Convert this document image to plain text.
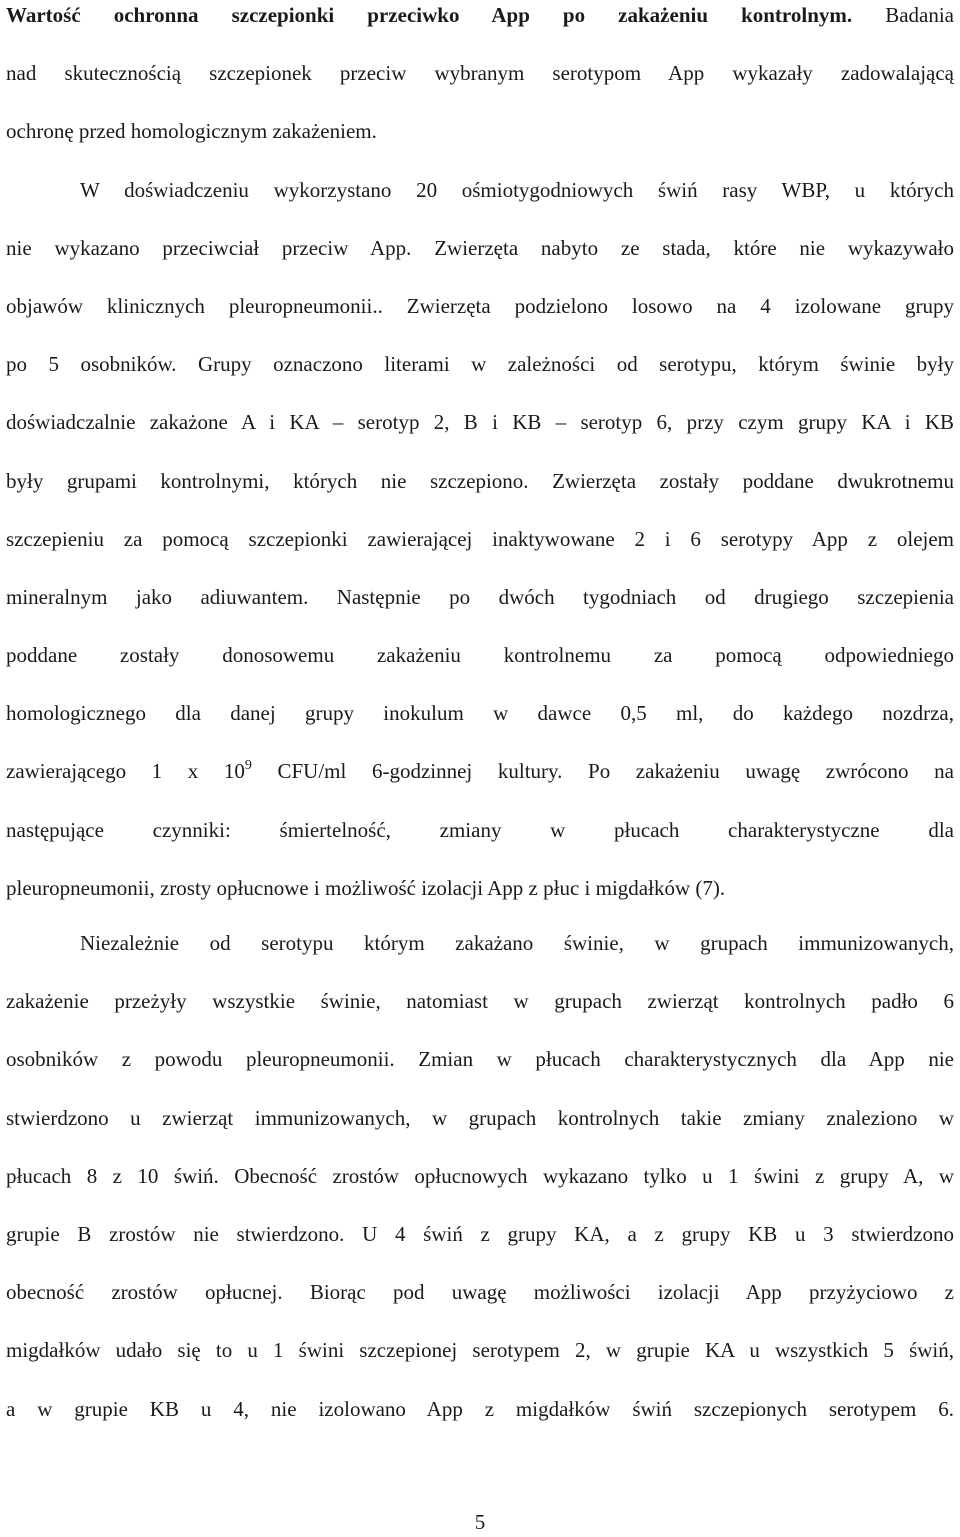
Wartość ochronna szczepionki przeciwko App po zakażeniu kontrolnym. Badania
nad skutecznością szczepionek przeciw wybranym serotypom App wykazały zadowalającą
ochronę przed homologicznym zakażeniem.
W doświadczeniu wykorzystano 20 ośmiotygodniowych świń rasy WBP, u których
nie wykazano przeciwciał przeciw App. Zwierzęta nabyto ze stada, które nie wykazywało
objawów klinicznych pleuropneumonii.. Zwierzęta podzielono losowo na 4 izolowane grupy
po 5 osobników. Grupy oznaczono literami w zależności od serotypu, którym świnie były
doświadczalnie zakażone A i KA – serotyp 2, B i KB – serotyp 6, przy czym grupy KA i KB
były grupami kontrolnymi, których nie szczepiono. Zwierzęta zostały poddane dwukrotnemu
szczepieniu za pomocą szczepionki zawierającej inaktywowane 2 i 6 serotypy App z olejem
mineralnym jako adiuwantem. Następnie po dwóch tygodniach od drugiego szczepienia
poddane zostały donosowemu zakażeniu kontrolnemu za pomocą odpowiedniego
homologicznego dla danej grupy inokulum w dawce 0,5 ml, do każdego nozdrza,
zawierającego 1 x $10^9$ CFU/ml 6-godzinnej kultury. Po zakażeniu uwagę zwrócono na
następujące czynniki: śmiertelność, zmiany w płucach charakterystyczne dla
pleuropneumonii, zrosty opłucnowe i możliwość izolacji App z płuc i migdałków (7).
Niezależnie od serotypu którym zakażano świnie, w grupach immunizowanych,
zakażenie przeżyły wszystkie świnie, natomiast w grupach zwierząt kontrolnych padło 6
osobników z powodu pleuropneumonii. Zmian w płucach charakterystycznych dla App nie
stwierdzono u zwierząt immunizowanych, w grupach kontrolnych takie zmiany znaleziono w
płucach 8 z 10 świń. Obecność zrostów opłucnowych wykazano tylko u 1 świni z grupy A, w
grupie B zrostów nie stwierdzono. U 4 świń z grupy KA, a z grupy KB u 3 stwierdzono
obecność zrostów opłucnej. Biorąc pod uwagę możliwości izolacji App przyżyciowo z
migdałków udało się to u 1 świni szczepionej serotypem 2, w grupie KA u wszystkich 5 świń,
a w grupie KB u 4, nie izolowano App z migdałków świń szczepionych serotypem 6.
5
